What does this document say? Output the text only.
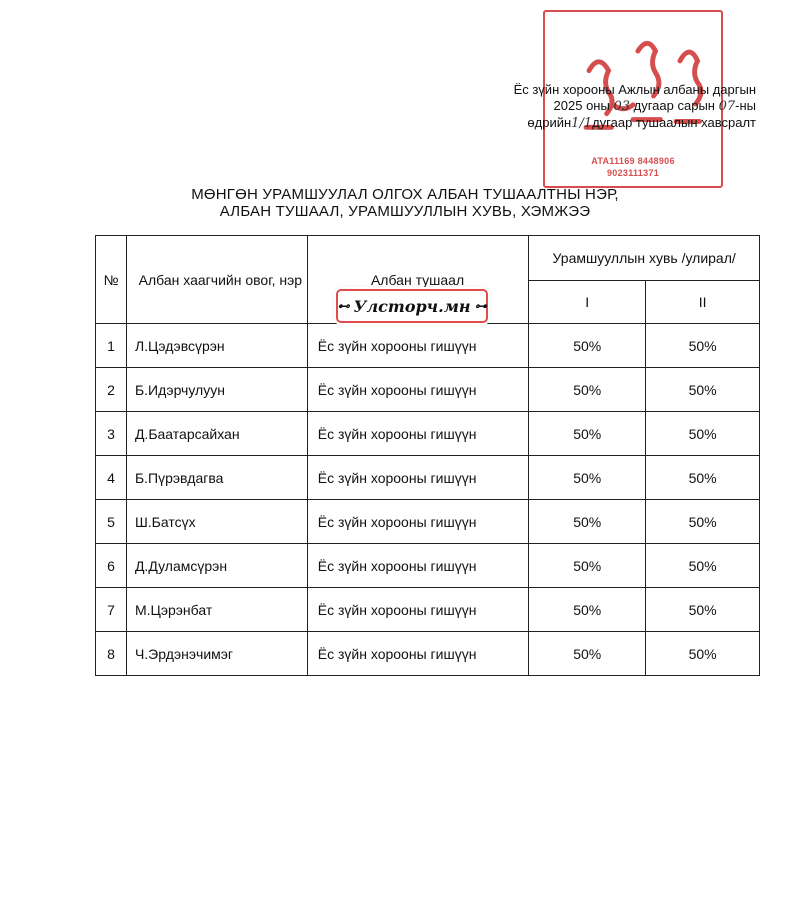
ATA11169 8448906
9023111371
Ёс зүйн хорооны Ажлын албаны даргын
2025 оны 03 дугаар сарын 07-ны
өдрийн1/1дугаар тушаалын хавсралт
МӨНГӨН УРАМШУУЛАЛ ОЛГОХ АЛБАН ТУШААЛТНЫ НЭР,
АЛБАН ТУШААЛ, УРАМШУУЛЛЫН ХУВЬ, ХЭМЖЭЭ
№	Албан хаагчийн овог, нэр	Албан тушаал	Урамшууллын хувь /улирал/	
			I	II
1	Л.Цэдэвсүрэн	Ёс зүйн хорооны гишүүн	50%	50%
2	Б.Идэрчулуун	Ёс зүйн хорооны гишүүн	50%	50%
3	Д.Баатарсайхан	Ёс зүйн хорооны гишүүн	50%	50%
4	Б.Пүрэвдагва	Ёс зүйн хорооны гишүүн	50%	50%
5	Ш.Батсүх	Ёс зүйн хорооны гишүүн	50%	50%
6	Д.Дуламсүрэн	Ёс зүйн хорооны гишүүн	50%	50%
7	М.Цэрэнбат	Ёс зүйн хорооны гишүүн	50%	50%
8	Ч.Эрдэнэчимэг	Ёс зүйн хорооны гишүүн	50%	50%
⊷ Улсторч.мн ⊶
